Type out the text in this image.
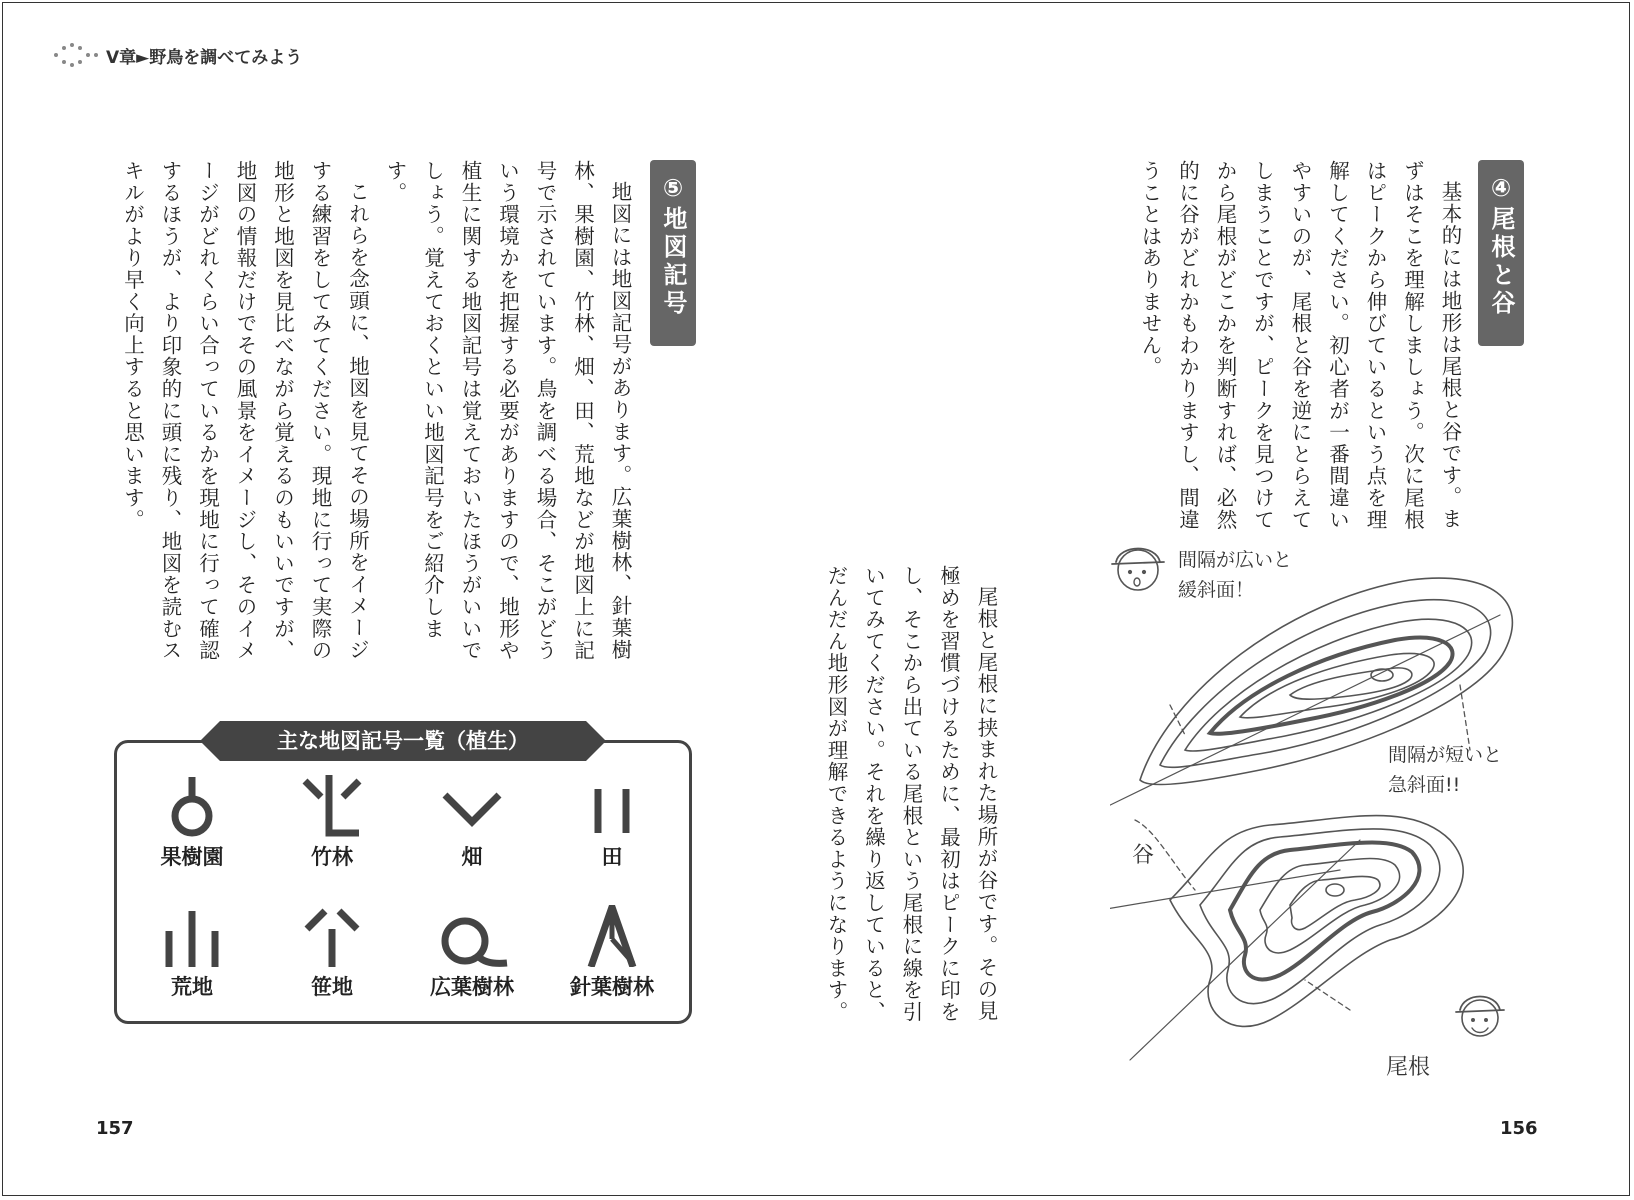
Ⅴ章►野鳥を調べてみよう
④尾根と谷

基本的には地形は尾根と谷です。まずはそこを理解しましょう。次に尾根はピークから伸びているという点を理解してください。初心者が一番間違いやすいのが、尾根と谷を逆にとらえてしまうことですが、ピークを見つけてから尾根がどこかを判断すれば、必然的に谷がどれかもわかりますし、間違うことはありません。

尾根と尾根に挟まれた場所が谷です。その見極めを習慣づけるために、最初はピークに印をし、そこから出ている尾根という尾根に線を引いてみてください。それを繰り返していると、だんだん地形図が理解できるようになります。

間隔が広いと
緩斜面！
間隔が短いと
急斜面!!
谷
尾根
156
⑤地図記号

地図には地図記号があります。広葉樹林、針葉樹林、果樹園、竹林、畑、田、荒地などが地図上に記号で示されています。鳥を調べる場合、そこがどういう環境かを把握する必要がありますので、地形や植生に関する地図記号は覚えておいたほうがいいでしょう。覚えておくといい地図記号をご紹介します。

これらを念頭に、地図を見てその場所をイメージする練習をしてみてください。現地に行って実際の地形と地図を見比べながら覚えるのもいいですが、地図の情報だけでその風景をイメージし、そのイメージがどれくらい合っているかを現地に行って確認するほうが、より印象的に頭に残り、地図を読むスキルがより早く向上すると思います。

主な地図記号一覧（植生）
果樹園	竹林	畑	田
荒地	笹地	広葉樹林	針葉樹林
157
